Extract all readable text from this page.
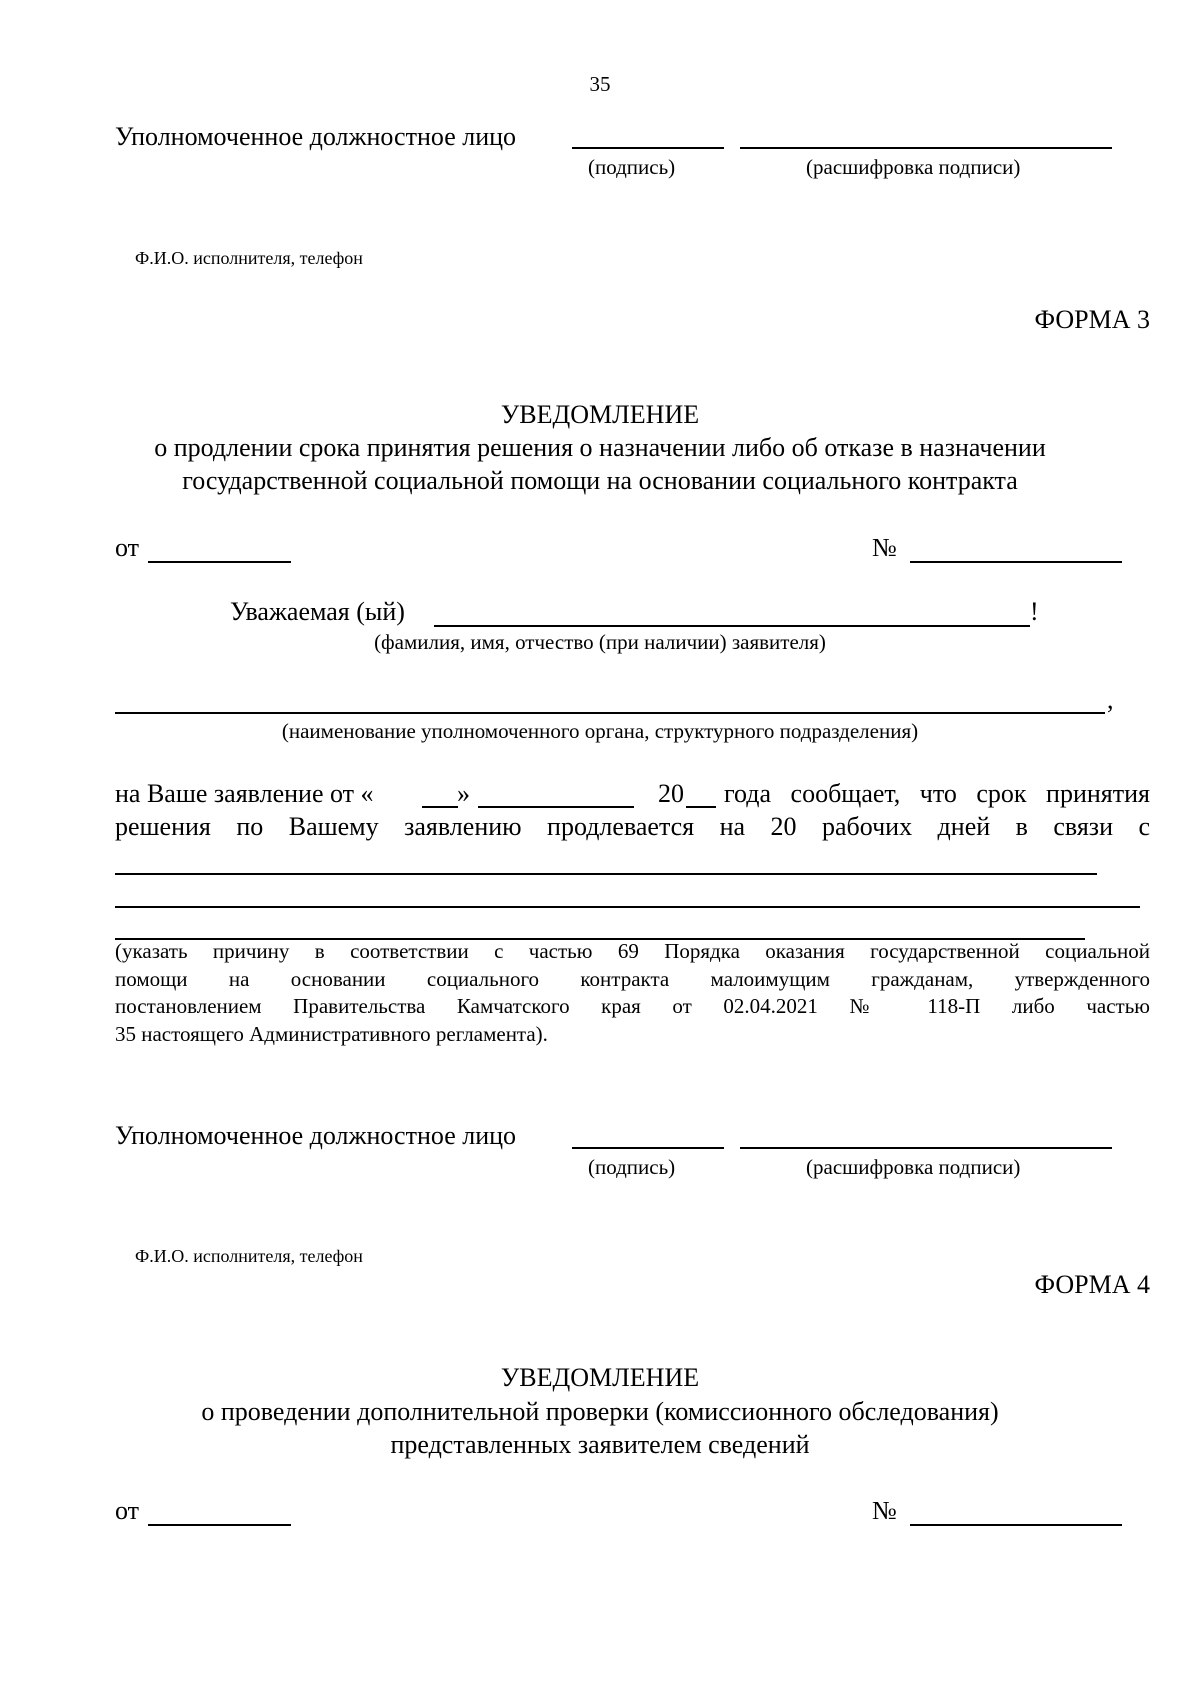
35
Уполномоченное должностное лицо
(подпись)	(расшифровка подписи)
Ф.И.О. исполнителя, телефон
ФОРМА 3
УВЕДОМЛЕНИЕ
о продлении срока принятия решения о назначении либо об отказе в назначении
государственной социальной помощи на основании социального контракта
от	№
Уважаемая (ый)	!
(фамилия, имя, отчество (при наличии) заявителя)
,
(наименование уполномоченного органа, структурного подразделения)
на Ваше заявление от «	»	20 года сообщает, что срок принятия
решения по Вашему заявлению продлевается на 20 рабочих дней в связи с
(указать причину в соответствии с частью 69 Порядка оказания государственной социальной
помощи на основании социального контракта малоимущим гражданам, утвержденного
постановлением Правительства Камчатского края от 02.04.2021 № 118-П либо частью
35 настоящего Административного регламента).
Уполномоченное должностное лицо
(подпись)	(расшифровка подписи)
Ф.И.О. исполнителя, телефон
ФОРМА 4
УВЕДОМЛЕНИЕ
о проведении дополнительной проверки (комиссионного обследования)
представленных заявителем сведений
от	№
